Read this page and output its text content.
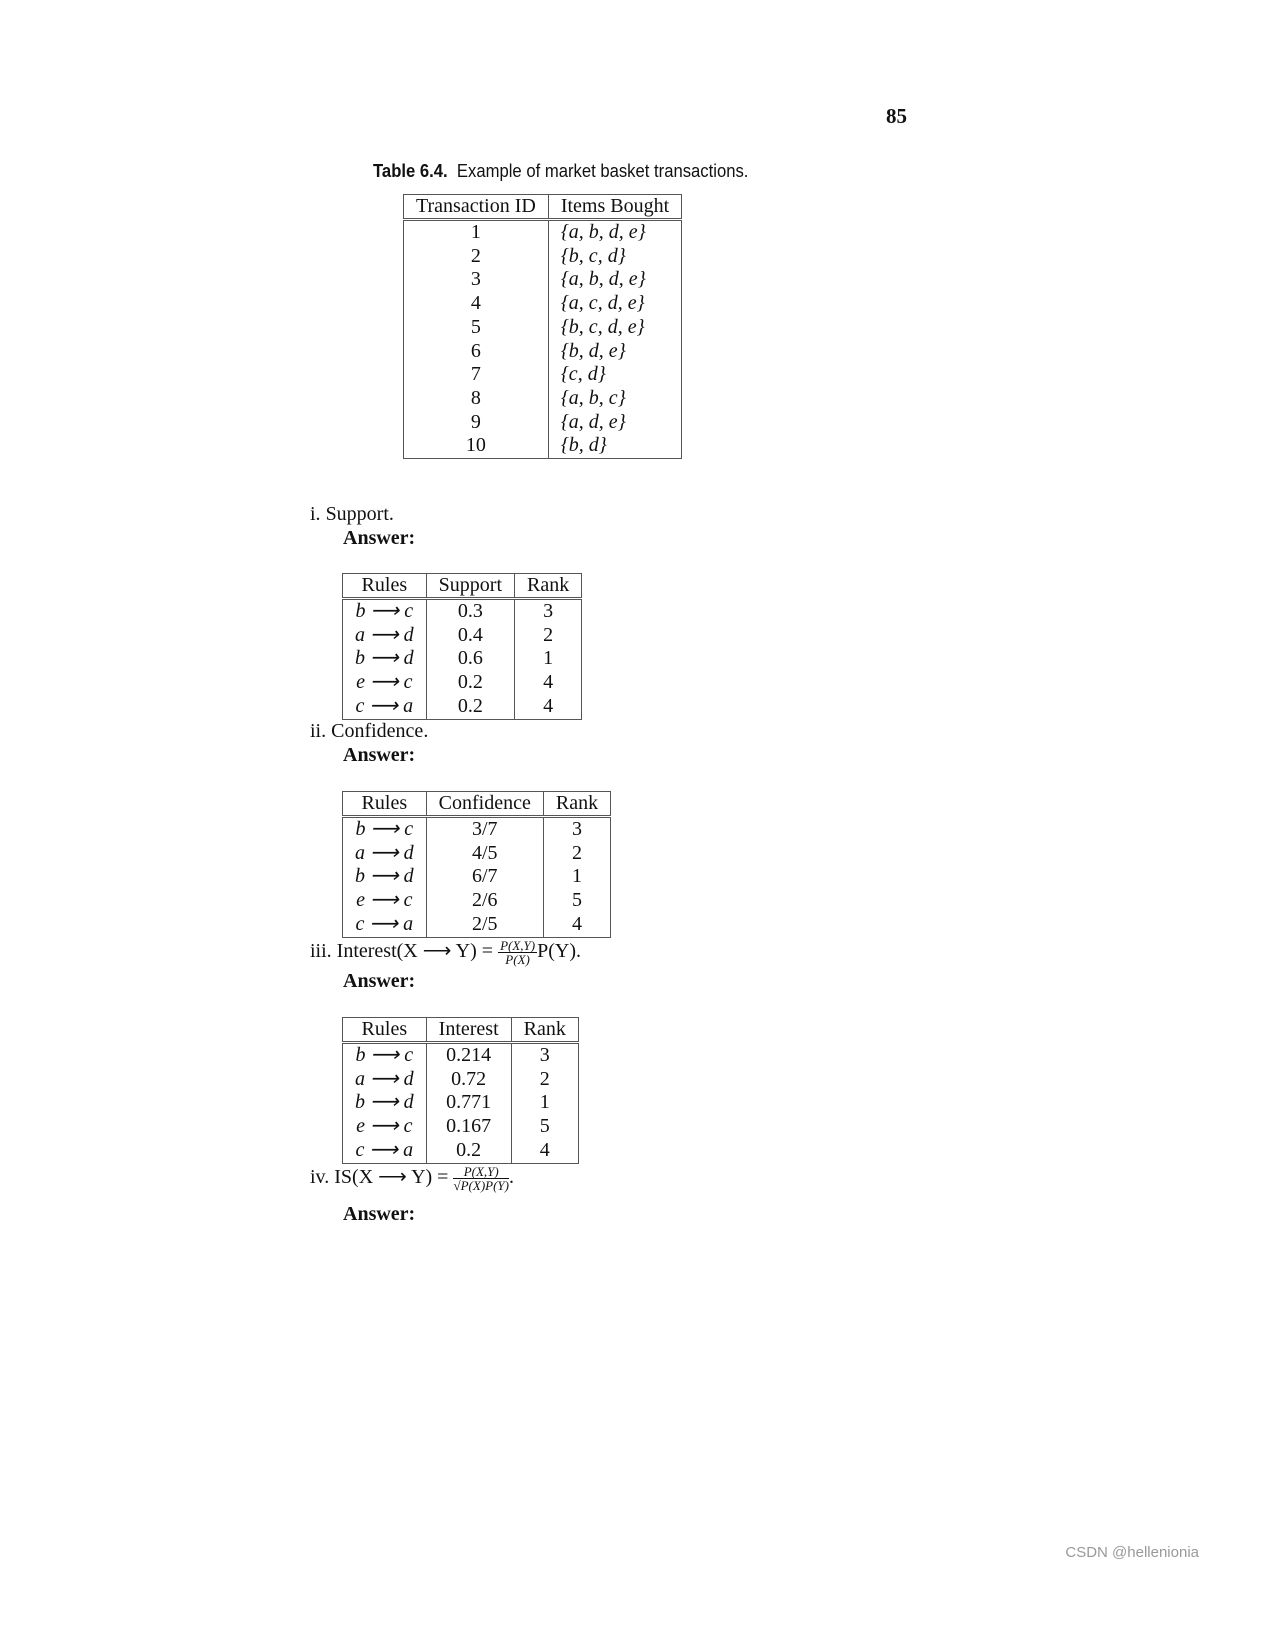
85
Table 6.4. Example of market basket transactions.
Transaction ID	Items Bought
1	{a, b, d, e}
2	{b, c, d}
3	{a, b, d, e}
4	{a, c, d, e}
5	{b, c, d, e}
6	{b, d, e}
7	{c, d}
8	{a, b, c}
9	{a, d, e}
10	{b, d}
i. Support.
Answer:
Rules	Support	Rank
b ⟶ c	0.3	3
a ⟶ d	0.4	2
b ⟶ d	0.6	1
e ⟶ c	0.2	4
c ⟶ a	0.2	4
ii. Confidence.
Answer:
Rules	Confidence	Rank
b ⟶ c	3/7	3
a ⟶ d	4/5	2
b ⟶ d	6/7	1
e ⟶ c	2/6	5
c ⟶ a	2/5	4
iii. Interest(X ⟶ $Y) = \frac{P(X,Y)}{P(X)} P(Y)$.
Answer:
Rules	Interest	Rank
b ⟶ c	0.214	3
a ⟶ d	0.72	2
b ⟶ d	0.771	1
e ⟶ c	0.167	5
c ⟶ a	0.2	4
iv. IS(X ⟶ $Y) = \frac{P(X,Y)}{√P(X)P(Y)}$ .
Answer:
CSDN @hellenionia
